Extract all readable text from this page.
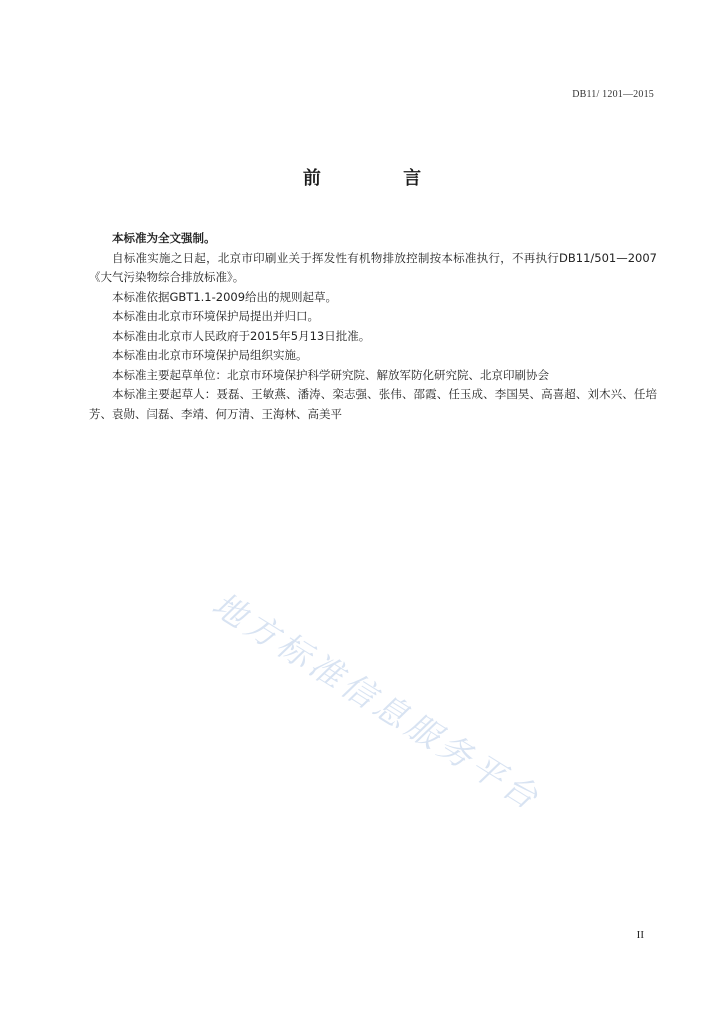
DB11/ 1201—2015
前 言

本标准为全文强制。

自标准实施之日起，北京市印刷业关于挥发性有机物排放控制按本标准执行，不再执行DB11/501—2007《大气污染物综合排放标准》。

本标准依据GBT1.1-2009给出的规则起草。

本标准由北京市环境保护局提出并归口。

本标准由北京市人民政府于2015年5月13日批准。

本标准由北京市环境保护局组织实施。

本标准主要起草单位：北京市环境保护科学研究院、解放军防化研究院、北京印刷协会

本标准主要起草人：聂磊、王敏燕、潘涛、栾志强、张伟、邵霞、任玉成、李国昊、高喜超、刘木兴、任培芳、袁勋、闫磊、李靖、何万清、王海林、高美平

地方标准信息服务平台
II
